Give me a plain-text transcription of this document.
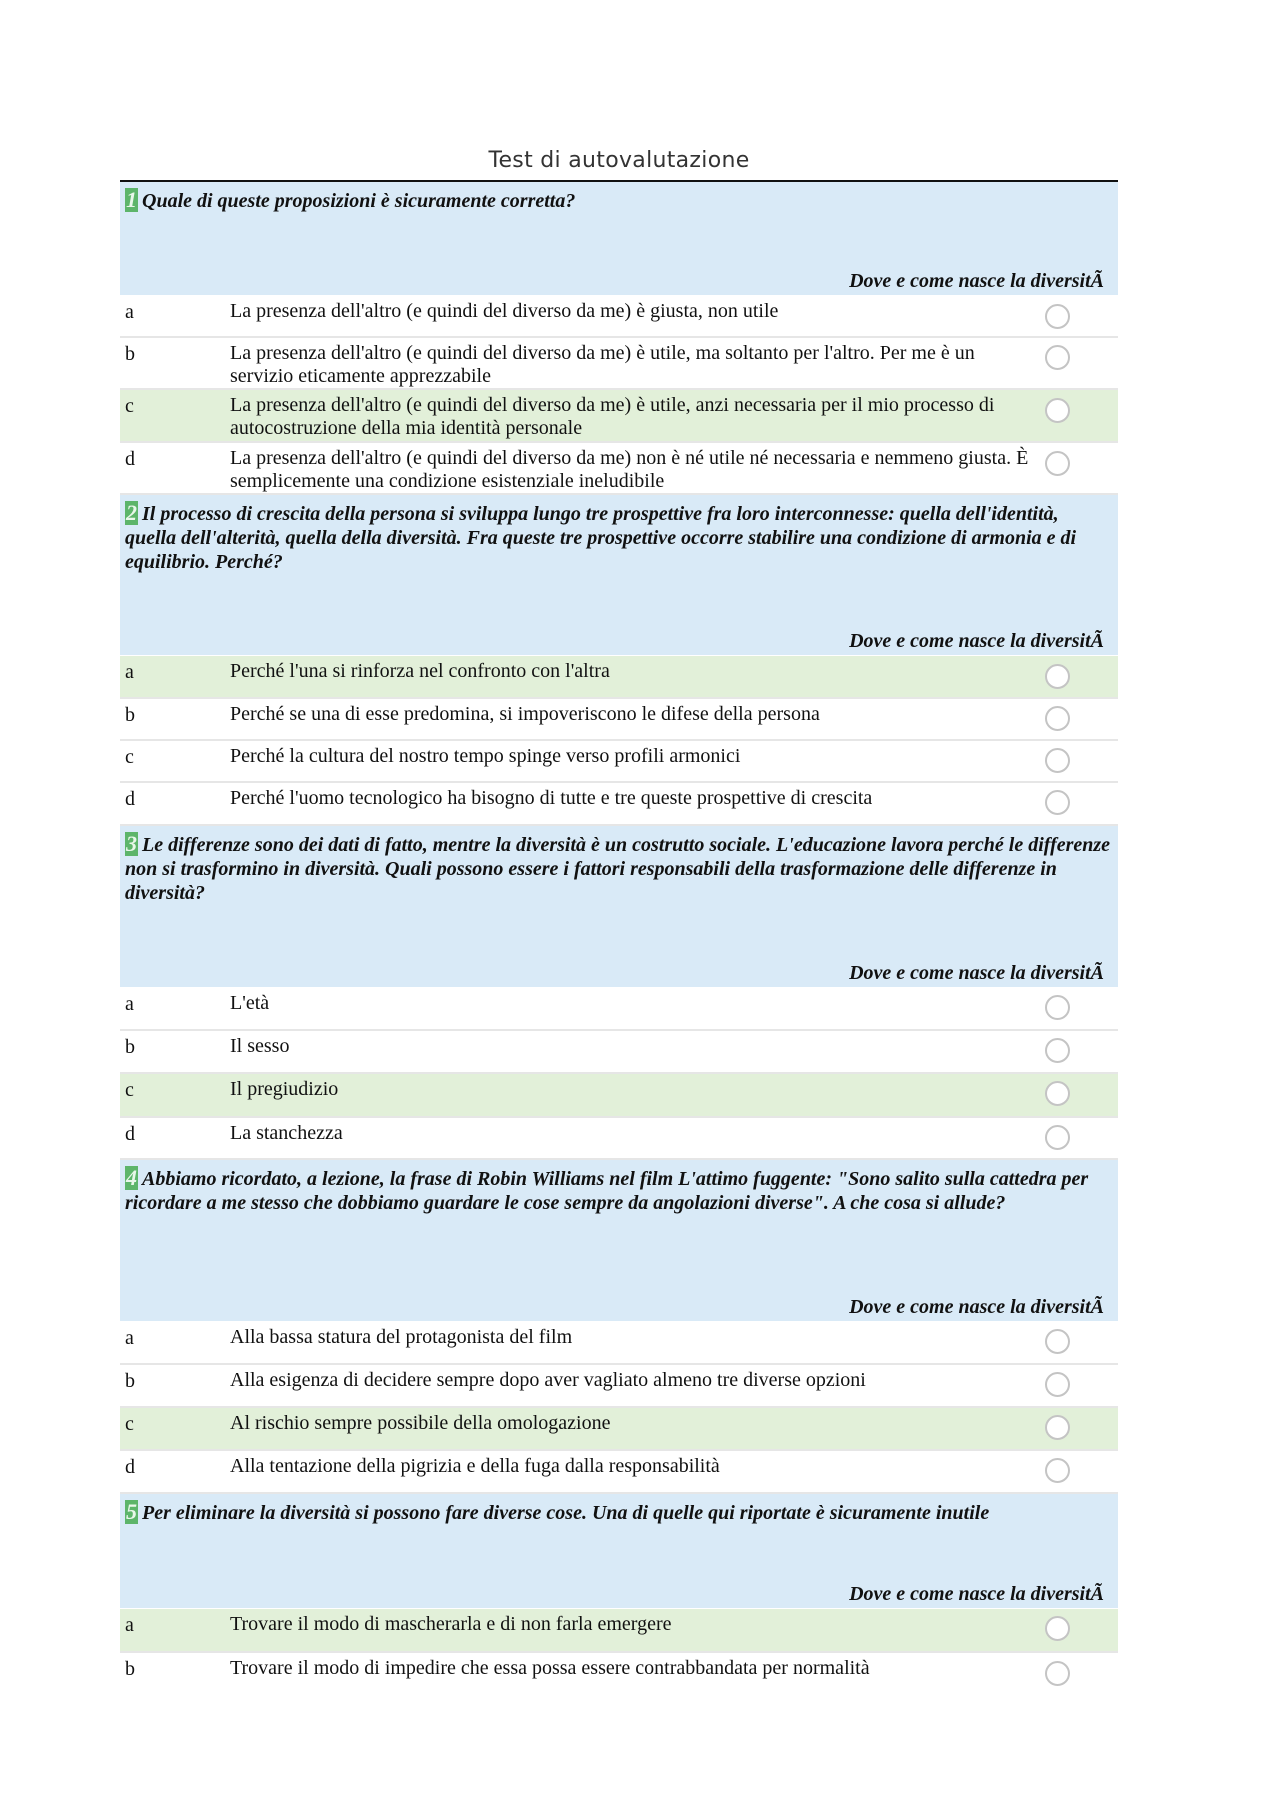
Test di autovalutazione
1 Quale di queste proposizioni è sicuramente corretta?
Dove e come nasce la diversitÃ
a	La presenza dell'altro (e quindi del diverso da me) è giusta, non utile
b	La presenza dell'altro (e quindi del diverso da me) è utile, ma soltanto per l'altro. Per me è un servizio eticamente apprezzabile
c	La presenza dell'altro (e quindi del diverso da me) è utile, anzi necessaria per il mio processo di autocostruzione della mia identità personale
d	La presenza dell'altro (e quindi del diverso da me) non è né utile né necessaria e nemmeno giusta. È semplicemente una condizione esistenziale ineludibile
2 Il processo di crescita della persona si sviluppa lungo tre prospettive fra loro interconnesse: quella dell'identità, quella dell'alterità, quella della diversità. Fra queste tre prospettive occorre stabilire una condizione di armonia e di equilibrio. Perché?
Dove e come nasce la diversitÃ
a	Perché l'una si rinforza nel confronto con l'altra
b	Perché se una di esse predomina, si impoveriscono le difese della persona
c	Perché la cultura del nostro tempo spinge verso profili armonici
d	Perché l'uomo tecnologico ha bisogno di tutte e tre queste prospettive di crescita
3 Le differenze sono dei dati di fatto, mentre la diversità è un costrutto sociale. L'educazione lavora perché le differenze non si trasformino in diversità. Quali possono essere i fattori responsabili della trasformazione delle differenze in diversità?
Dove e come nasce la diversitÃ
a	L'età
b	Il sesso
c	Il pregiudizio
d	La stanchezza
4 Abbiamo ricordato, a lezione, la frase di Robin Williams nel film L'attimo fuggente: "Sono salito sulla cattedra per ricordare a me stesso che dobbiamo guardare le cose sempre da angolazioni diverse". A che cosa si allude?
Dove e come nasce la diversitÃ
a	Alla bassa statura del protagonista del film
b	Alla esigenza di decidere sempre dopo aver vagliato almeno tre diverse opzioni
c	Al rischio sempre possibile della omologazione
d	Alla tentazione della pigrizia e della fuga dalla responsabilità
5 Per eliminare la diversità si possono fare diverse cose. Una di quelle qui riportate è sicuramente inutile
Dove e come nasce la diversitÃ
a	Trovare il modo di mascherarla e di non farla emergere
b	Trovare il modo di impedire che essa possa essere contrabbandata per normalità
